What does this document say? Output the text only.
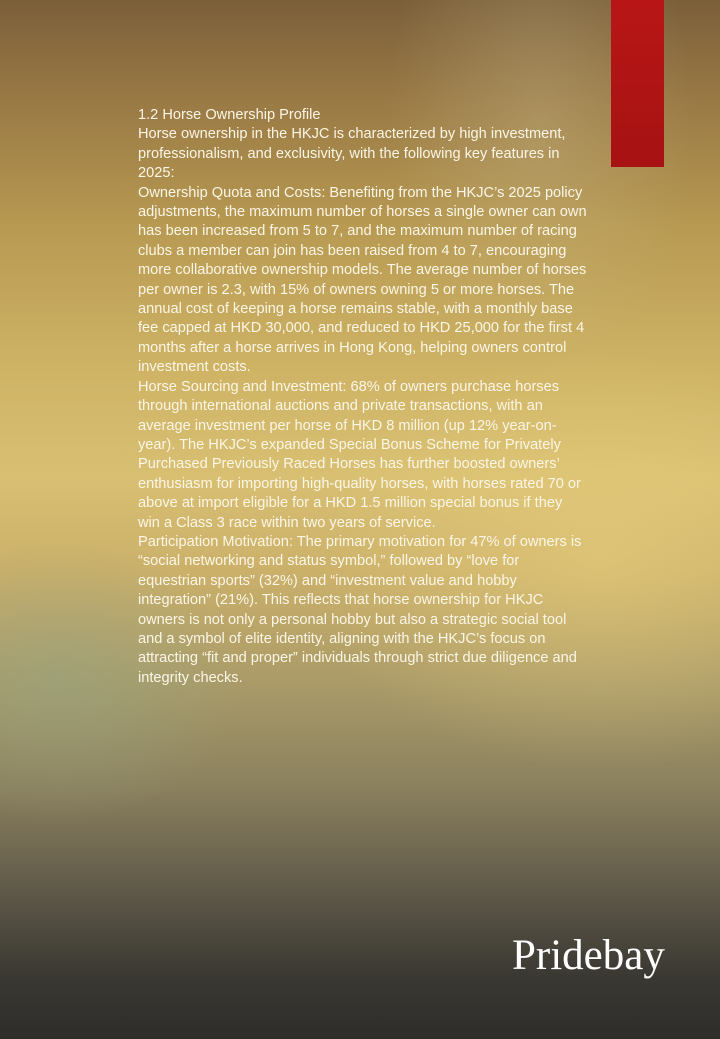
1.2 Horse Ownership Profile

Horse ownership in the HKJC is characterized by high investment, professionalism, and exclusivity, with the following key features in 2025:

Ownership Quota and Costs: Benefiting from the HKJC’s 2025 policy adjustments, the maximum number of horses a single owner can own has been increased from 5 to 7, and the maximum number of racing clubs a member can join has been raised from 4 to 7, encouraging more collaborative ownership models. The average number of horses per owner is 2.3, with 15% of owners owning 5 or more horses. The annual cost of keeping a horse remains stable, with a monthly base fee capped at HKD 30,000, and reduced to HKD 25,000 for the first 4 months after a horse arrives in Hong Kong, helping owners control investment costs.

Horse Sourcing and Investment: 68% of owners purchase horses through international auctions and private transactions, with an average investment per horse of HKD 8 million (up 12% year-on-year). The HKJC’s expanded Special Bonus Scheme for Privately Purchased Previously Raced Horses has further boosted owners’ enthusiasm for importing high-quality horses, with horses rated 70 or above at import eligible for a HKD 1.5 million special bonus if they win a Class 3 race within two years of service.

Participation Motivation: The primary motivation for 47% of owners is “social networking and status symbol,” followed by “love for equestrian sports” (32%) and “investment value and hobby integration” (21%). This reflects that horse ownership for HKJC owners is not only a personal hobby but also a strategic social tool and a symbol of elite identity, aligning with the HKJC’s focus on attracting “fit and proper” individuals through strict due diligence and integrity checks.

Pridebay
